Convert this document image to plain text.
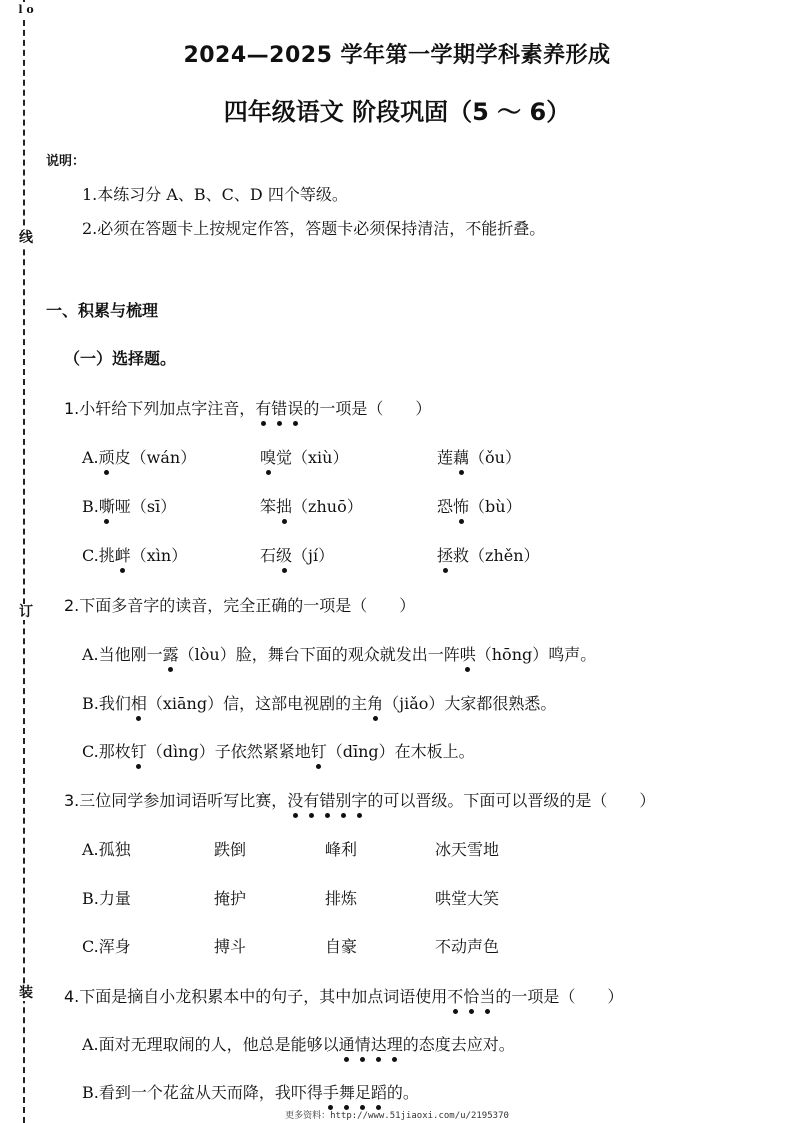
l o
线
订
装
2024—2025 学年第一学期学科素养形成
四年级语文 阶段巩固（5 ～ 6）
说明：
1.本练习分 A、B、C、D 四个等级。
2.必须在答题卡上按规定作答，答题卡必须保持清洁，不能折叠。
一、积累与梳理
（一）选择题。
1.小轩给下列加点字注音，有错误的一项是（　　）
A.顽皮（wán）	嗅觉（xiù）	莲藕（ǒu）
B.嘶哑（sī）	笨拙（zhuō）	恐怖（bù）
C.挑衅（xìn）	石级（jí）	拯救（zhěn）
2.下面多音字的读音，完全正确的一项是（　　）
A.当他刚一露（lòu）脸，舞台下面的观众就发出一阵哄（hōng）鸣声。
B.我们相（xiāng）信，这部电视剧的主角（jiǎo）大家都很熟悉。
C.那枚钉（dìng）子依然紧紧地钉（dīng）在木板上。
3.三位同学参加词语听写比赛，没有错别字的可以晋级。下面可以晋级的是（　　）
A.孤独	跌倒	峰利	冰天雪地
B.力量	掩护	排炼	哄堂大笑
C.浑身	搏斗	自豪	不动声色
4.下面是摘自小龙积累本中的句子，其中加点词语使用不恰当的一项是（　　）
A.面对无理取闹的人，他总是能够以通情达理的态度去应对。
B.看到一个花盆从天而降，我吓得手舞足蹈的。
更多资料：http://www.51jiaoxi.com/u/2195370
